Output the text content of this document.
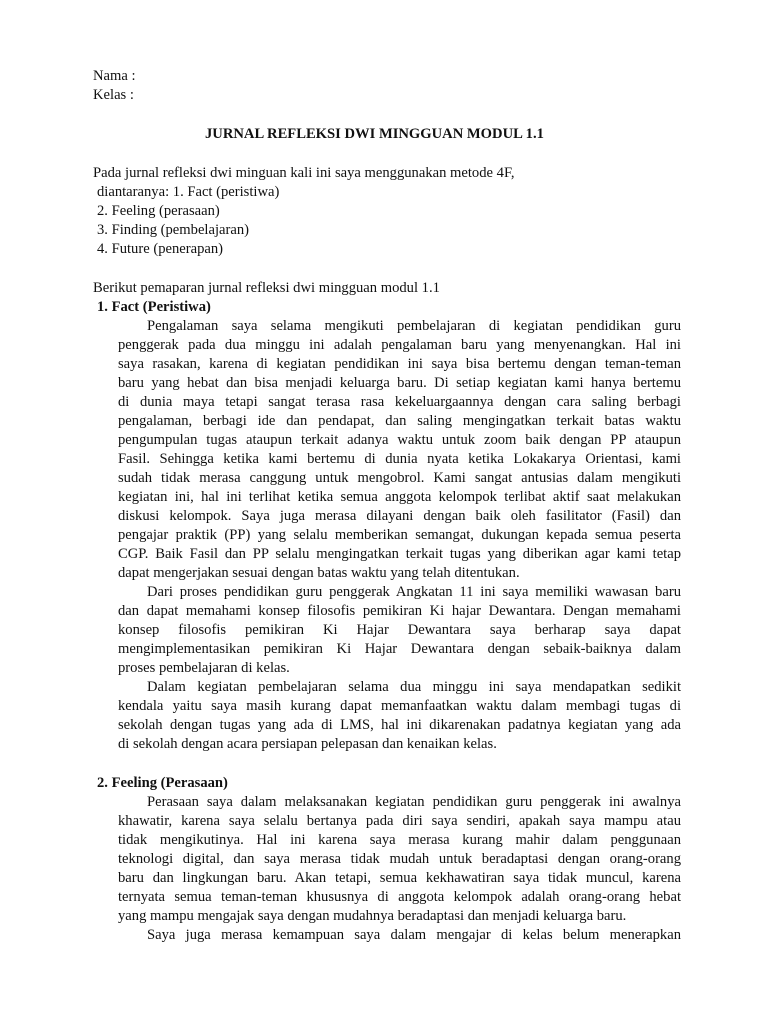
Nama :
Kelas :
JURNAL REFLEKSI DWI MINGGUAN MODUL 1.1
Pada jurnal refleksi dwi minguan kali ini saya menggunakan metode 4F,
diantaranya: 1. Fact (peristiwa)
2. Feeling (perasaan)
3. Finding (pembelajaran)
4. Future (penerapan)
Berikut pemaparan jurnal refleksi dwi mingguan modul 1.1
1. Fact (Peristiwa)
Pengalaman saya selama mengikuti pembelajaran di kegiatan pendidikan guru
penggerak pada dua minggu ini adalah pengalaman baru yang menyenangkan. Hal ini
saya rasakan, karena di kegiatan pendidikan ini saya bisa bertemu dengan teman-teman
baru yang hebat dan bisa menjadi keluarga baru. Di setiap kegiatan kami hanya bertemu
di dunia maya tetapi sangat terasa rasa kekeluargaannya dengan cara saling berbagi
pengalaman, berbagi ide dan pendapat, dan saling mengingatkan terkait batas waktu
pengumpulan tugas ataupun terkait adanya waktu untuk zoom baik dengan PP ataupun
Fasil. Sehingga ketika kami bertemu di dunia nyata ketika Lokakarya Orientasi, kami
sudah tidak merasa canggung untuk mengobrol. Kami sangat antusias dalam mengikuti
kegiatan ini, hal ini terlihat ketika semua anggota kelompok terlibat aktif saat melakukan
diskusi kelompok. Saya juga merasa dilayani dengan baik oleh fasilitator (Fasil) dan
pengajar praktik (PP) yang selalu memberikan semangat, dukungan kepada semua peserta
CGP. Baik Fasil dan PP selalu mengingatkan terkait tugas yang diberikan agar kami tetap
dapat mengerjakan sesuai dengan batas waktu yang telah ditentukan.
Dari proses pendidikan guru penggerak Angkatan 11 ini saya memiliki wawasan baru
dan dapat memahami konsep filosofis pemikiran Ki hajar Dewantara. Dengan memahami
konsep filosofis pemikiran Ki Hajar Dewantara saya berharap saya dapat
mengimplementasikan pemikiran Ki Hajar Dewantara dengan sebaik-baiknya dalam
proses pembelajaran di kelas.
Dalam kegiatan pembelajaran selama dua minggu ini saya mendapatkan sedikit
kendala yaitu saya masih kurang dapat memanfaatkan waktu dalam membagi tugas di
sekolah dengan tugas yang ada di LMS, hal ini dikarenakan padatnya kegiatan yang ada
di sekolah dengan acara persiapan pelepasan dan kenaikan kelas.
2. Feeling (Perasaan)
Perasaan saya dalam melaksanakan kegiatan pendidikan guru penggerak ini awalnya
khawatir, karena saya selalu bertanya pada diri saya sendiri, apakah saya mampu atau
tidak mengikutinya. Hal ini karena saya merasa kurang mahir dalam penggunaan
teknologi digital, dan saya merasa tidak mudah untuk beradaptasi dengan orang-orang
baru dan lingkungan baru. Akan tetapi, semua kekhawatiran saya tidak muncul, karena
ternyata semua teman-teman khususnya di anggota kelompok adalah orang-orang hebat
yang mampu mengajak saya dengan mudahnya beradaptasi dan menjadi keluarga baru.
Saya juga merasa kemampuan saya dalam mengajar di kelas belum menerapkan
